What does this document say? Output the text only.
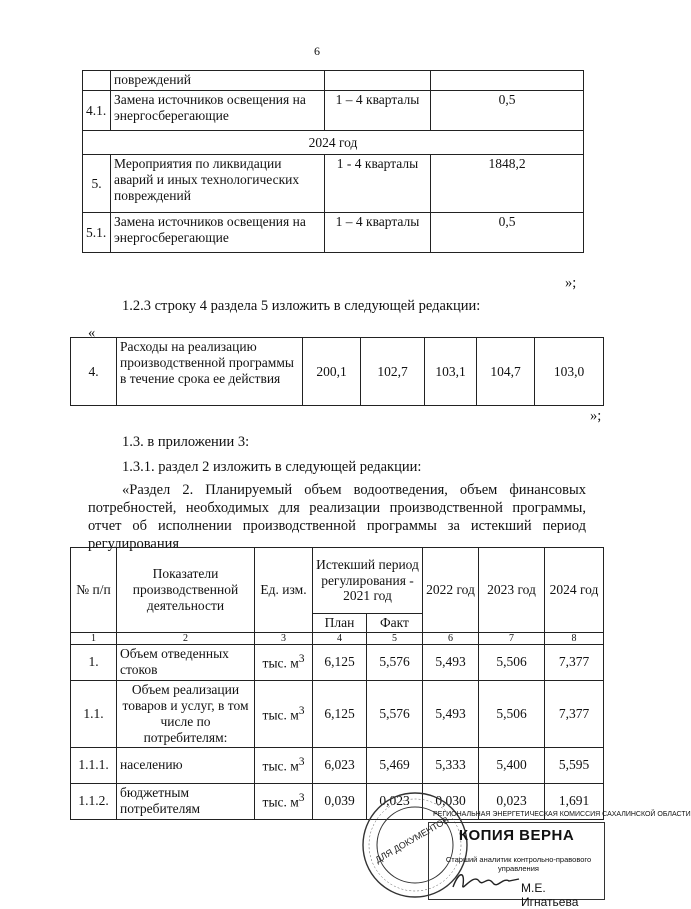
6
	повреждений		
4.1.	Замена источников освещения на энергосберегающие	1 – 4 кварталы	0,5
2024 год			
5.	Мероприятия по ликвидации аварий и иных технологических повреждений	1 - 4 кварталы	1848,2
5.1.	Замена источников освещения на энергосберегающие	1 – 4 кварталы	0,5
»;
1.2.3 строку 4 раздела 5 изложить в следующей редакции:
«
4.	Расходы на реализацию производственной программы в течение срока ее действия	200,1	102,7	103,1	104,7	103,0
»;
1.3. в приложении 3:
1.3.1. раздел 2 изложить в следующей редакции:
«Раздел 2. Планируемый объем водоотведения, объем финансовых потребностей, необходимых для реализации производственной программы, отчет об исполнении производственной программы за истекший период регулирования
№ п/п	Показатели производственной деятельности	Ед. изм.	Истекший период регулирования - 2021 год		2022 год	2023 год	2024 год
			План	Факт			
1	2	3	4	5	6	7	8
1.	Объем отведенных стоков	тыс. $м^3$	6,125	5,576	5,493	5,506	7,377
1.1.	Объем реализации товаров и услуг, в том числе по потребителям:	тыс. $м^3$	6,125	5,576	5,493	5,506	7,377
1.1.1.	населению	тыс. $м^3$	6,023	5,469	5,333	5,400	5,595
1.1.2.	бюджетным потребителям	тыс. $м^3$	0,039	0,023	0,030	0,023	1,691
ДЛЯ ДОКУМЕНТОВ
РЕГИОНАЛЬНАЯ ЭНЕРГЕТИЧЕСКАЯ КОМИССИЯ САХАЛИНСКОЙ ОБЛАСТИ
КОПИЯ ВЕРНА
Старший аналитик контрольно-правового управления
М.Е. Игнатьева
